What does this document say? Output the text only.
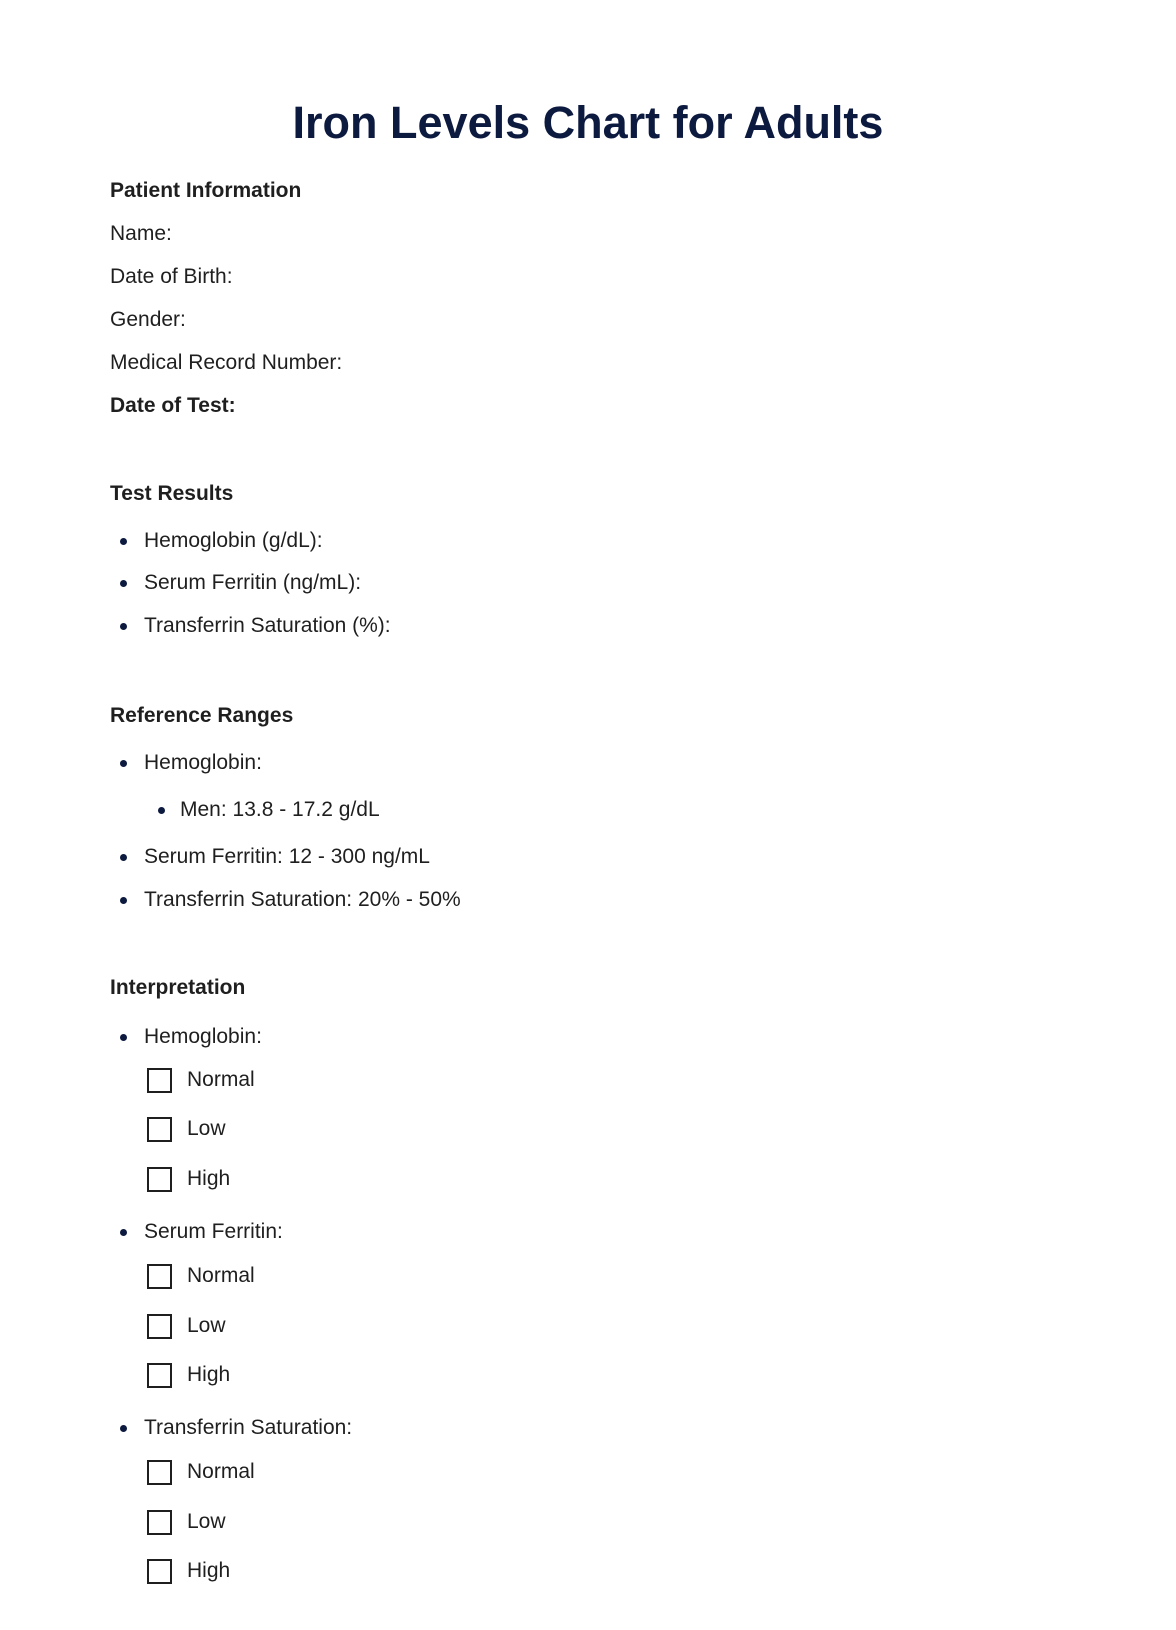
Iron Levels Chart for Adults
Patient Information
Name:
Date of Birth:
Gender:
Medical Record Number:
Date of Test:
Test Results
Hemoglobin (g/dL):
Serum Ferritin (ng/mL):
Transferrin Saturation (%):
Reference Ranges
Hemoglobin:
Men: 13.8 - 17.2 g/dL
Serum Ferritin: 12 - 300 ng/mL
Transferrin Saturation: 20% - 50%
Interpretation
Hemoglobin:
Normal
Low
High
Serum Ferritin:
Normal
Low
High
Transferrin Saturation:
Normal
Low
High
